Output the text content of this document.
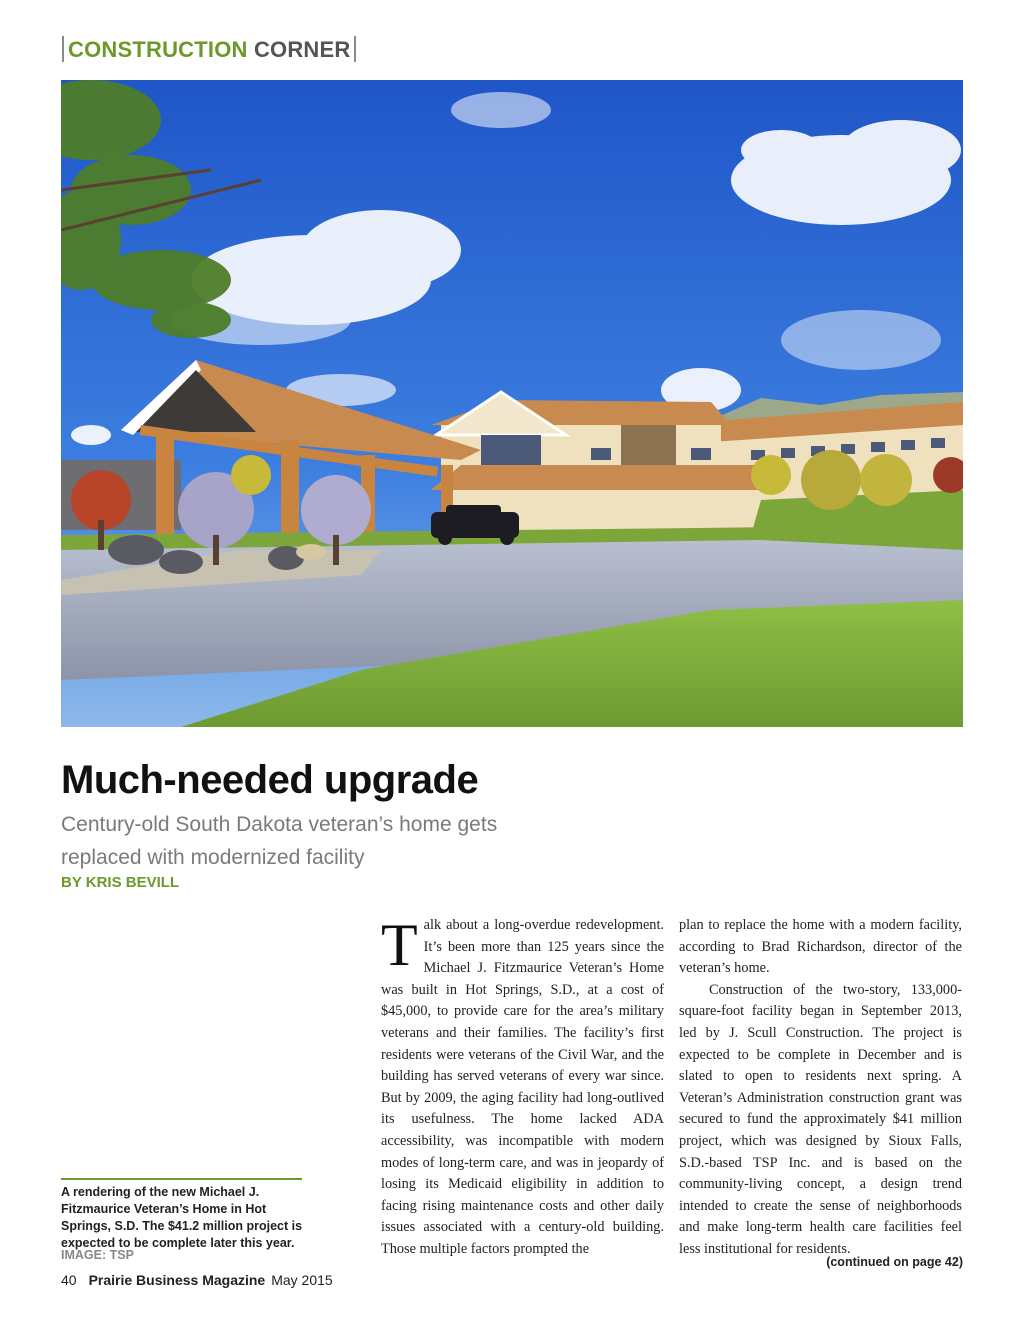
CONSTRUCTION CORNER
Much-needed upgrade

Century-old South Dakota veteran’s home gets replaced with modernized facility

BY KRIS BEVILL

A rendering of the new Michael J. Fitzmaurice Veteran’s Home in Hot Springs, S.D. The $41.2 million project is expected to be complete later this year.

IMAGE: TSP

40 Prairie Business Magazine May 2015

Talk about a long-overdue redevelopment. It’s been more than 125 years since the Michael J. Fitzmaurice Veteran’s Home was built in Hot Springs, S.D., at a cost of $45,000, to provide care for the area’s military veterans and their families. The facility’s first residents were veterans of the Civil War, and the building has served veterans of every war since. But by 2009, the aging facility had long-outlived its usefulness. The home lacked ADA accessibility, was incompatible with modern modes of long-term care, and was in jeopardy of losing its Medicaid eligibility in addition to facing rising maintenance costs and other daily issues associated with a century-old building. Those multiple factors prompted the

plan to replace the home with a modern facility, according to Brad Richardson, director of the veteran’s home.
Construction of the two-story, 133,000-square-foot facility began in September 2013, led by J. Scull Construction. The project is expected to be complete in December and is slated to open to residents next spring. A Veteran’s Administration construction grant was secured to fund the approximately $41 million project, which was designed by Sioux Falls, S.D.-based TSP Inc. and is based on the community-living concept, a design trend intended to create the sense of neighborhoods and make long-term health care facilities feel less institutional for residents.

(continued on page 42)
